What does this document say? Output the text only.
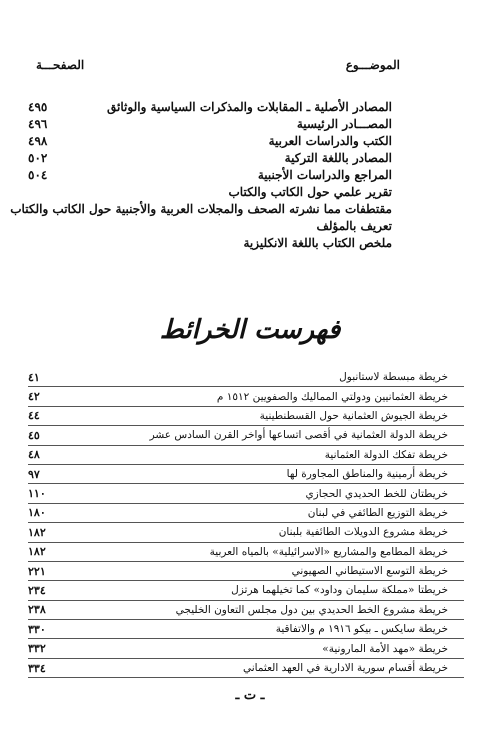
الموضـــوع
الصفحـــة
المصادر الأصلية ـ المقابلات والمذكرات السياسية والوثائق
٤٩٥
المصـــادر الرئيسية
٤٩٦
الكتب والدراسات العربية
٤٩٨
المصادر باللغة التركية
٥٠٢
المراجع والدراسات الأجنبية
٥٠٤
تقرير علمي حول الكاتب والكتاب
مقتطفات مما نشرته الصحف والمجلات العربية والأجنبية حول الكاتب والكتاب
تعريف بالمؤلف
ملخص الكتاب باللغة الانكليزية
فهرست الخرائط
خريطة مبسطة لاستانبول
٤١
خريطة العثمانيين ودولتي المماليك والصفويين ١٥١٢ م
٤٢
خريطة الجيوش العثمانية حول القسطنطينية
٤٤
خريطة الدولة العثمانية في أقصى اتساعها أواخر القرن السادس عشر
٤٥
خريطة تفكك الدولة العثمانية
٤٨
خريطة أرمينية والمناطق المجاورة لها
٩٧
خريطتان للخط الحديدي الحجازي
١١٠
خريطة التوزيع الطائفي في لبنان
١٨٠
خريطة مشروع الدويلات الطائفية بلبنان
١٨٢
خريطة المطامع والمشاريع «الاسرائيلية» بالمياه العربية
١٨٢
خريطة التوسع الاستيطاني الصهيوني
٢٢١
خريطتا «مملكة سليمان وداود» كما تخيلهما هرتزل
٢٣٤
خريطة مشروع الخط الحديدي بين دول مجلس التعاون الخليجي
٢٣٨
خريطة سايكس ـ بيكو ١٩١٦ م والاتفاقية
٣٣٠
خريطة «مهد الأمة المارونية»
٣٣٢
خريطة أقسام سورية الادارية في العهد العثماني
٣٣٤
ـ ت ـ
